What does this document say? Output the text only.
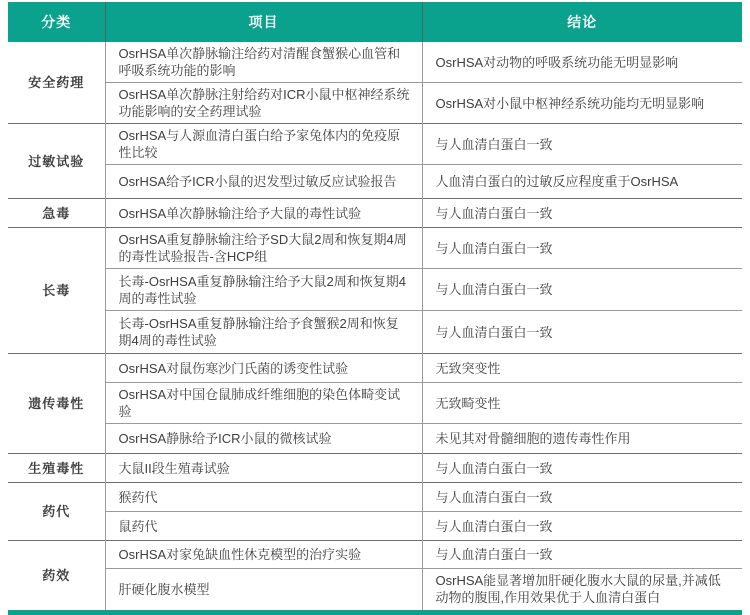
分类	项目	结论
安全药理	OsrHSA单次静脉输注给药对清醒食蟹猴心血管和呼吸系统功能的影响	OsrHSA对动物的呼吸系统功能无明显影响
	OsrHSA单次静脉注射给药对ICR小鼠中枢神经系统功能影响的安全药理试验	OsrHSA对小鼠中枢神经系统功能均无明显影响
过敏试验	OsrHSA与人源血清白蛋白给予家兔体内的免疫原性比较	与人血清白蛋白一致
	OsrHSA给予ICR小鼠的迟发型过敏反应试验报告	人血清白蛋白的过敏反应程度重于OsrHSA
急毒	OsrHSA单次静脉输注给予大鼠的毒性试验	与人血清白蛋白一致
长毒	OsrHSA重复静脉输注给予SD大鼠2周和恢复期4周的毒性试验报告-含HCP组	与人血清白蛋白一致
	长毒-OsrHSA重复静脉输注给予大鼠2周和恢复期4周的毒性试验	与人血清白蛋白一致
	长毒-OsrHSA重复静脉输注给予食蟹猴2周和恢复期4周的毒性试验	与人血清白蛋白一致
遗传毒性	OsrHSA对鼠伤寒沙门氏菌的诱变性试验	无致突变性
	OsrHSA对中国仓鼠肺成纤维细胞的染色体畸变试验	无致畸变性
	OsrHSA静脉给予ICR小鼠的微核试验	未见其对骨髓细胞的遗传毒性作用
生殖毒性	大鼠II段生殖毒试验	与人血清白蛋白一致
药代	猴药代	与人血清白蛋白一致
	鼠药代	与人血清白蛋白一致
药效	OsrHSA对家兔缺血性休克模型的治疗实验	与人血清白蛋白一致
	肝硬化腹水模型	OsrHSA能显著增加肝硬化腹水大鼠的尿量,并减低动物的腹围,作用效果优于人血清白蛋白
